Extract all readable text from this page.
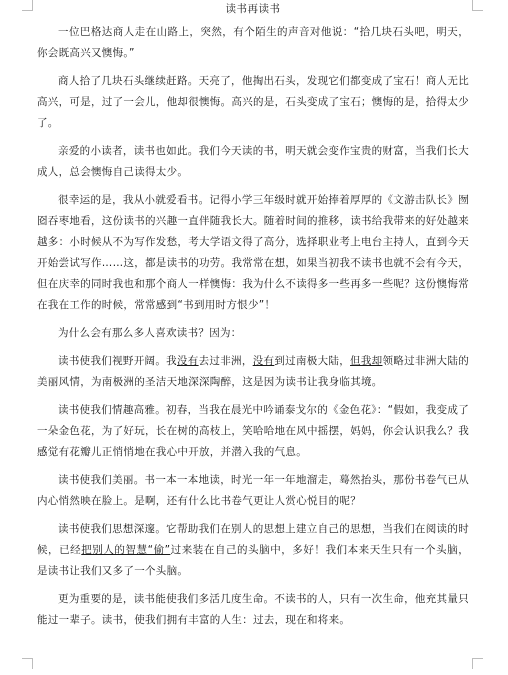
读书再读书

一位巴格达商人走在山路上，突然，有个陌生的声音对他说：“拾几块石头吧，明天，你会既高兴又懊悔。”

商人拾了几块石头继续赶路。天亮了，他掏出石头，发现它们都变成了宝石！商人无比高兴，可是，过了一会儿，他却很懊悔。高兴的是，石头变成了宝石；懊悔的是，拾得太少了。

亲爱的小读者，读书也如此。我们今天读的书，明天就会变作宝贵的财富，当我们长大成人，总会懊悔自己读得太少。

很幸运的是，我从小就爱看书。记得小学三年级时就开始捧着厚厚的《文游击队长》囫囵吞枣地看，这份读书的兴趣一直伴随我长大。随着时间的推移，读书给我带来的好处越来越多：小时候从不为写作发愁，考大学语文得了高分，选择职业考上电台主持人，直到今天开始尝试写作……这，都是读书的功劳。我常常在想，如果当初我不读书也就不会有今天，但在庆幸的同时我也和那个商人一样懊悔：我为什么不读得多一些再多一些呢？这份懊悔常在我在工作的时候，常常感到“书到用时方恨少”！

为什么会有那么多人喜欢读书？因为：

读书使我们视野开阔。我没有去过非洲，没有到过南极大陆，但我却领略过非洲大陆的美丽风情，为南极洲的圣洁天地深深陶醉，这是因为读书让我身临其境。

读书使我们情趣高雅。初春，当我在晨光中吟诵泰戈尔的《金色花》：“假如，我变成了一朵金色花，为了好玩，长在树的高枝上，笑哈哈地在风中摇摆，妈妈，你会认识我么？我感觉有花瓣儿正悄悄地在我心中开放，并潜入我的气息。

读书使我们美丽。书一本一本地读，时光一年一年地溜走，蓦然抬头，那份书卷气已从内心悄然映在脸上。是啊，还有什么比书卷气更让人赏心悦目的呢？

读书使我们思想深邃。它帮助我们在别人的思想上建立自己的思想，当我们在阅读的时候，已经把别人的智慧“偷”过来装在自己的头脑中，多好！我们本来天生只有一个头脑，是读书让我们又多了一个头脑。

更为重要的是，读书能使我们多活几度生命。不读书的人，只有一次生命，他充其量只能过一辈子。读书，使我们拥有丰富的人生：过去，现在和将来。
